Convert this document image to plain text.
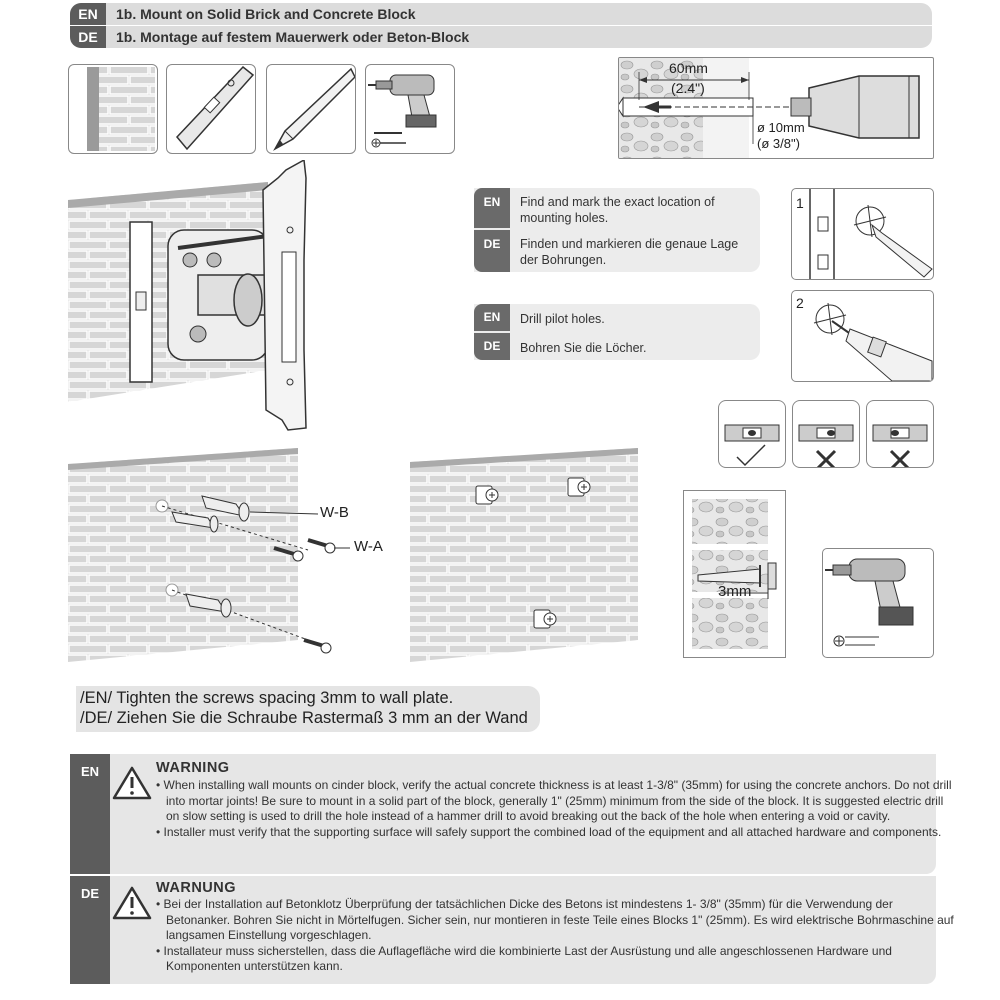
EN	1b. Mount on Solid Brick and Concrete Block
DE	1b. Montage auf festem Mauerwerk oder Beton-Block
60mm
(2.4")
ø 10mm
(ø 3/8")
EN
DE
Find and mark the exact location of
mounting holes.
Finden und markieren die genaue Lage
der Bohrungen.
EN
DE
Drill pilot holes.
Bohren Sie die Löcher.
1
2
W-B
W-A
3mm
/EN/ Tighten the screws spacing 3mm to wall plate.
/DE/ Ziehen Sie die Schraube Rastermaß 3 mm an der Wand
EN	WARNING

• When installing wall mounts on cinder block, verify the actual concrete thickness is at least 1-3/8" (35mm) for using the concrete anchors. Do not drill into mortar joints! Be sure to mount in a solid part of the block, generally 1" (25mm) minimum from the side of the block. It is suggested electric drill on slow setting is used to drill the hole instead of a hammer drill to avoid breaking out the back of the hole when entering a void or cavity.

• Installer must verify that the supporting surface will safely support the combined load of the equipment and all attached hardware and components.

DE	WARNUNG

• Bei der Installation auf Betonklotz Überprüfung der tatsächlichen Dicke des Betons ist mindestens 1- 3/8" (35mm) für die Verwendung der Betonanker. Bohren Sie nicht in Mörtelfugen. Sicher sein, nur montieren in feste Teile eines Blocks 1" (25mm). Es wird elektrische Bohrmaschine auf langsamen Einstellung vorgeschlagen.

• Installateur muss sicherstellen, dass die Auflagefläche wird die kombinierte Last der Ausrüstung und alle angeschlossenen Hardware und Komponenten unterstützen kann.
